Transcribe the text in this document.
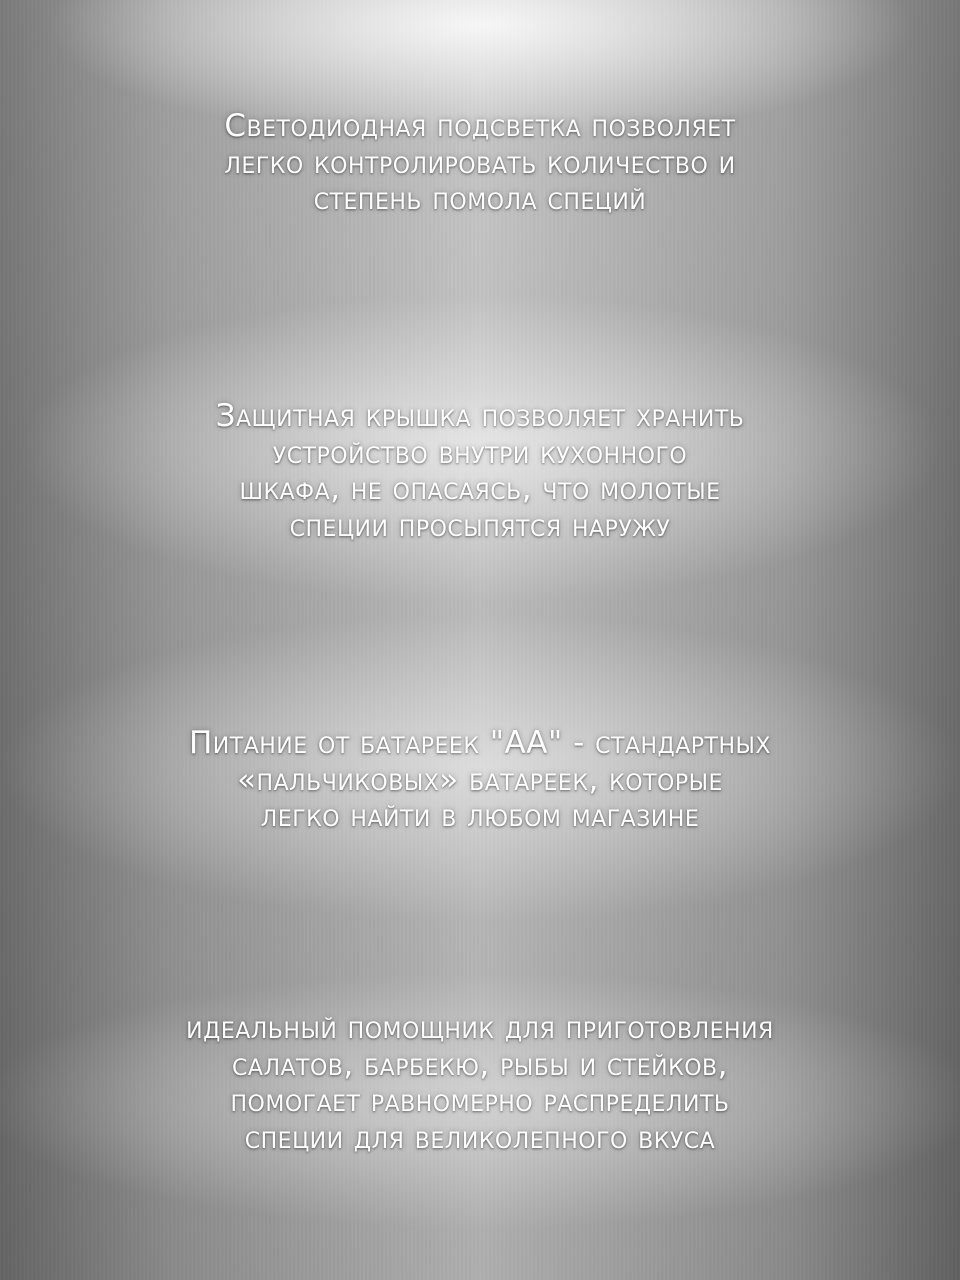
Светодиодная подсветка позволяет
легко контролировать количество и
степень помола специй
Защитная крышка позволяет хранить
устройство внутри кухонного
шкафа, не опасаясь, что молотые
специи просыпятся наружу
Питание от батареек "АА" - стандартных
«пальчиковых» батареек, которые
легко найти в любом магазине
идеальный помощник для приготовления
салатов, барбекю, рыбы и стейков,
помогает равномерно распределить
специи для великолепного вкуса
